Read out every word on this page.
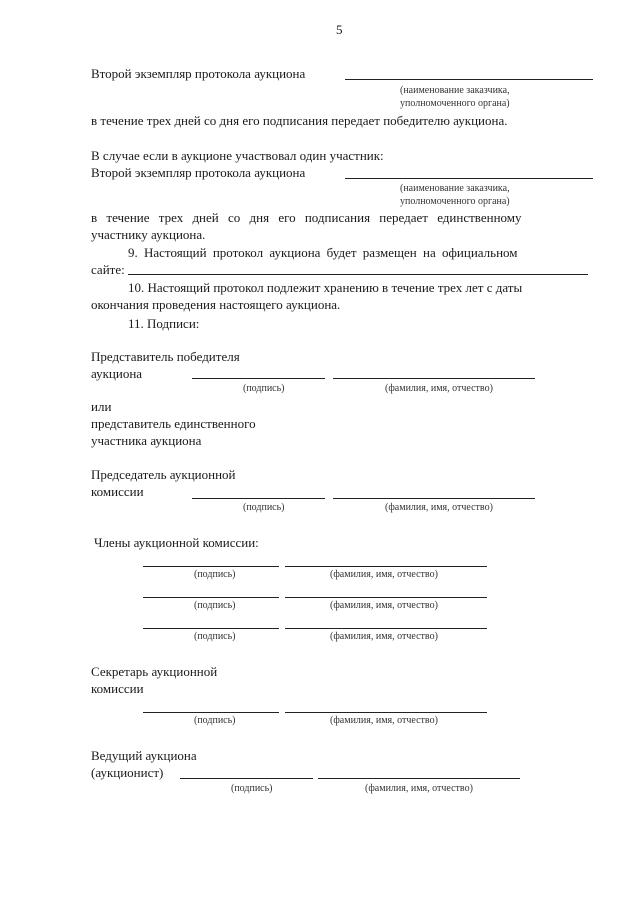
5
Второй экземпляр протокола аукциона
(наименование заказчика,
уполномоченного органа)
в течение трех дней со дня его подписания передает победителю аукциона.
В случае если в аукционе участвовал один участник:
Второй экземпляр протокола аукциона
(наименование заказчика,
уполномоченного органа)
в течение трех дней со дня его подписания передает единственному
участнику аукциона.
9. Настоящий протокол аукциона будет размещен на официальном
сайте:
10. Настоящий протокол подлежит хранению в течение трех лет с даты
окончания проведения настоящего аукциона.
11. Подписи:
Представитель победителя
аукциона
(подпись)	(фамилия, имя, отчество)
или
представитель единственного
участника аукциона
Председатель аукционной
комиссии
(подпись)	(фамилия, имя, отчество)
Члены аукционной комиссии:
(подпись)	(фамилия, имя, отчество)
(подпись)	(фамилия, имя, отчество)
(подпись)	(фамилия, имя, отчество)
Секретарь аукционной
комиссии
(подпись)	(фамилия, имя, отчество)
Ведущий аукциона
(аукционист)
(подпись)	(фамилия, имя, отчество)
